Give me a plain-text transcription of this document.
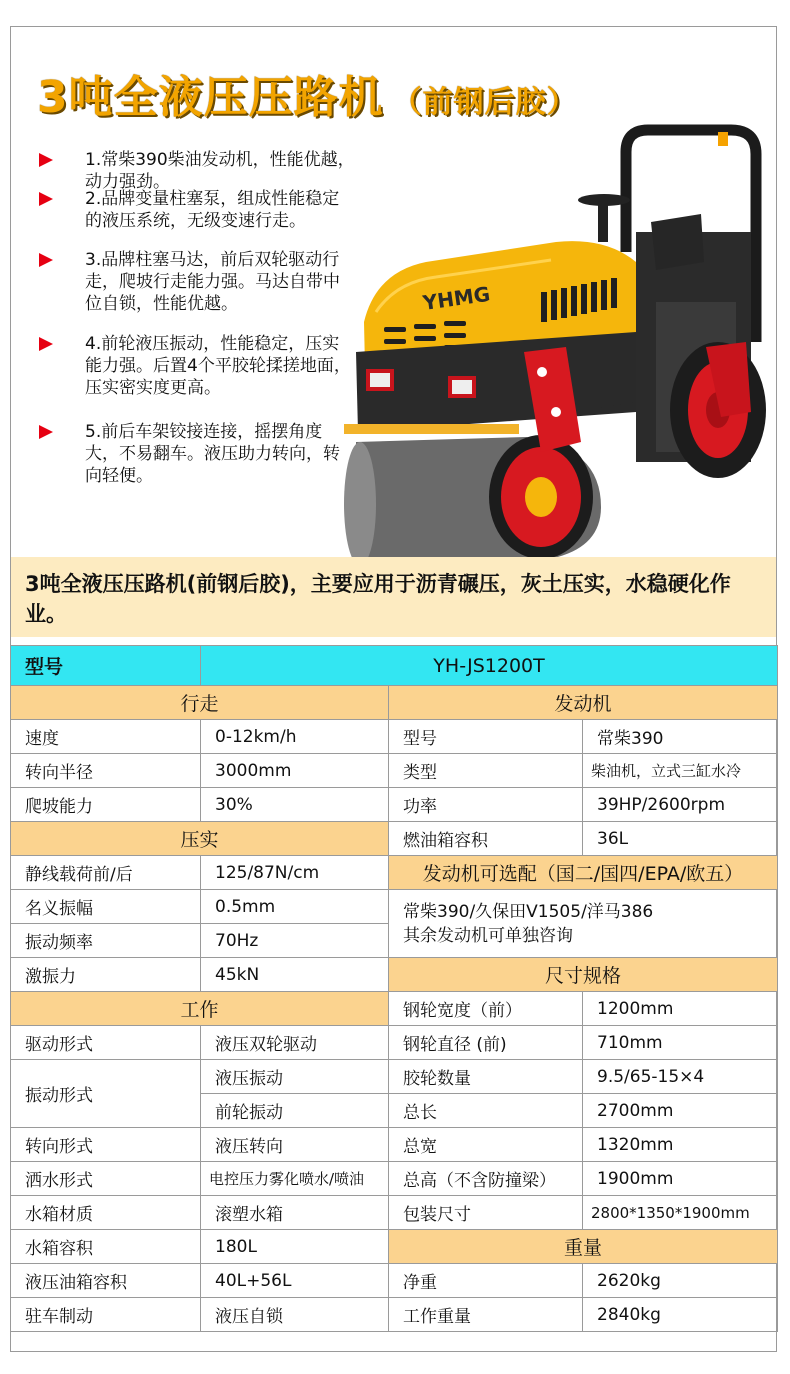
3吨全液压压路机 （前钢后胶）
1.常柴390柴油发动机，性能优越，动力强劲。
2.品牌变量柱塞泵，组成性能稳定的液压系统，无级变速行走。
3.品牌柱塞马达，前后双轮驱动行走，爬坡行走能力强。马达自带中位自锁，性能优越。
4.前轮液压振动，性能稳定，压实能力强。后置4个平胶轮揉搓地面，压实密实度更高。
5.前后车架铰接连接，摇摆角度大，不易翻车。液压助力转向，转向轻便。
YHMG
3吨全液压压路机(前钢后胶)，主要应用于沥青碾压，灰土压实，水稳硬化作业。
型号	YH-JS1200T		
行走		发动机	
速度	0-12km/h	型号	常柴390
转向半径	3000mm	类型	柴油机，立式三缸水冷
爬坡能力	30%	功率	39HP/2600rpm
压实		燃油箱容积	36L
静线载荷前/后	125/87N/cm	发动机可选配（国二/国四/EPA/欧五）	
名义振幅	0.5mm	常柴390/久保田V1505/洋马386
其余发动机可单独咨询	
振动频率	70Hz		
激振力	45kN	尺寸规格	
工作		钢轮宽度（前）	1200mm
驱动形式	液压双轮驱动	钢轮直径 (前)	710mm
振动形式	液压振动	胶轮数量	9.5/65-15×4
	前轮振动	总长	2700mm
转向形式	液压转向	总宽	1320mm
洒水形式	电控压力雾化喷水/喷油	总高（不含防撞梁）	1900mm
水箱材质	滚塑水箱	包装尺寸	2800*1350*1900mm
水箱容积	180L	重量	
液压油箱容积	40L+56L	净重	2620kg
驻车制动	液压自锁	工作重量	2840kg
